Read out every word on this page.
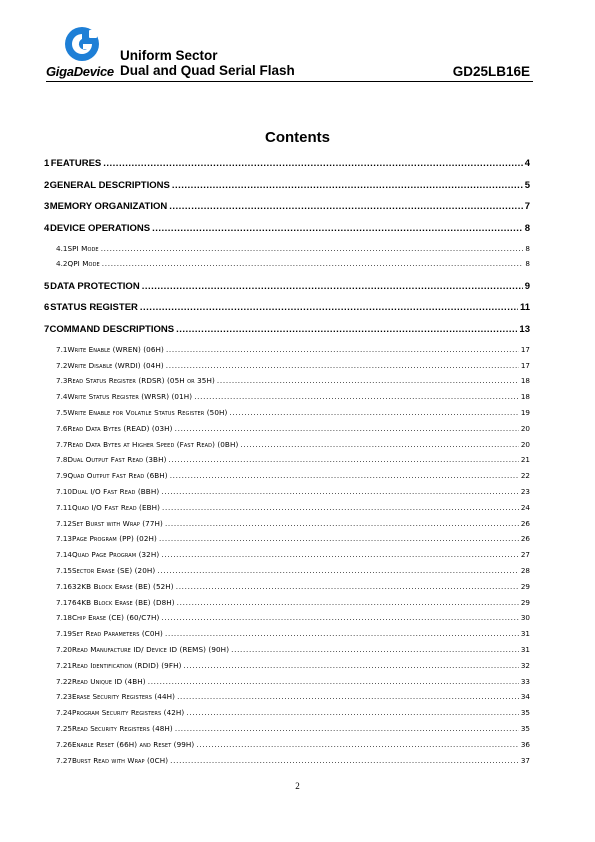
GigaDevice
Uniform Sector
Dual and Quad Serial Flash	GD25LB16E
Contents
1 FEATURES .....	4
2 GENERAL DESCRIPTIONS .....	5
3 MEMORY ORGANIZATION .....	7
4 DEVICE OPERATIONS .....	8
4.1 SPI Mode .....	8
4.2 QPI Mode .....	8
5 DATA PROTECTION .....	9
6 STATUS REGISTER .....	11
7 COMMAND DESCRIPTIONS .....	13
7.1 Write Enable (WREN) (06H) .....	17
7.2 Write Disable (WRDI) (04H) .....	17
7.3 Read Status Register (RDSR) (05H or 35H) .....	18
7.4 Write Status Register (WRSR) (01H) .....	18
7.5 Write Enable for Volatile Status Register (50H) .....	19
7.6 Read Data Bytes (READ) (03H) .....	20
7.7 Read Data Bytes at Higher Speed (Fast Read) (0BH) .....	20
7.8 Dual Output Fast Read (3BH) .....	21
7.9 Quad Output Fast Read (6BH) .....	22
7.10 Dual I/O Fast Read (BBH) .....	23
7.11 Quad I/O Fast Read (EBH) .....	24
7.12 Set Burst with Wrap (77H) .....	26
7.13 Page Program (PP) (02H) .....	26
7.14 Quad Page Program (32H) .....	27
7.15 Sector Erase (SE) (20H) .....	28
7.16 32KB Block Erase (BE) (52H) .....	29
7.17 64KB Block Erase (BE) (D8H) .....	29
7.18 Chip Erase (CE) (60/C7H) .....	30
7.19 Set Read Parameters (C0H) .....	31
7.20 Read Manufacture ID/ Device ID (REMS) (90H) .....	31
7.21 Read Identification (RDID) (9FH) .....	32
7.22 Read Unique ID (4BH) .....	33
7.23 Erase Security Registers (44H) .....	34
7.24 Program Security Registers (42H) .....	35
7.25 Read Security Registers (48H) .....	35
7.26 Enable Reset (66H) and Reset (99H) .....	36
7.27 Burst Read with Wrap (0CH) .....	37
2
